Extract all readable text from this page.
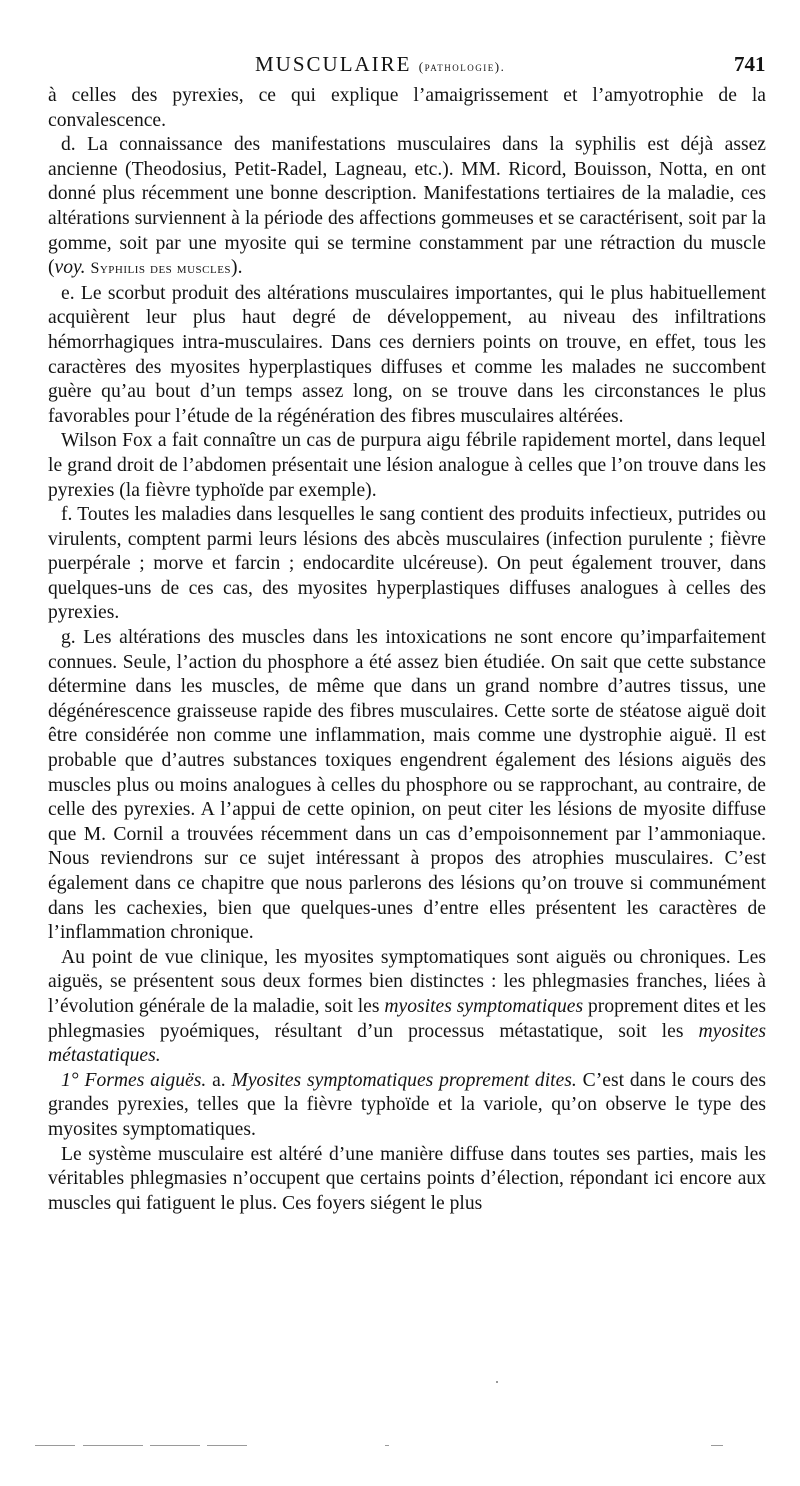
MUSCULAIRE (pathologie).	741

à celles des pyrexies, ce qui explique l’amaigrissement et l’amyotrophie de la convalescence.

d. La connaissance des manifestations musculaires dans la syphilis est déjà assez ancienne (Theodosius, Petit-Radel, Lagneau, etc.). MM. Ricord, Bouisson, Notta, en ont donné plus récemment une bonne description. Manifestations tertiaires de la maladie, ces altérations surviennent à la période des affections gommeuses et se caractérisent, soit par la gomme, soit par une myosite qui se termine constamment par une rétraction du muscle (voy. Syphilis des muscles).

e. Le scorbut produit des altérations musculaires importantes, qui le plus habituellement acquièrent leur plus haut degré de développement, au niveau des infiltrations hémorrhagiques intra-musculaires. Dans ces derniers points on trouve, en effet, tous les caractères des myosites hyperplastiques diffuses et comme les malades ne succombent guère qu’au bout d’un temps assez long, on se trouve dans les circonstances le plus favorables pour l’étude de la régénération des fibres musculaires altérées.

Wilson Fox a fait connaître un cas de purpura aigu fébrile rapidement mortel, dans lequel le grand droit de l’abdomen présentait une lésion analogue à celles que l’on trouve dans les pyrexies (la fièvre typhoïde par exemple).

f. Toutes les maladies dans lesquelles le sang contient des produits infectieux, putrides ou virulents, comptent parmi leurs lésions des abcès musculaires (infection purulente ; fièvre puerpérale ; morve et farcin ; endocardite ulcéreuse). On peut également trouver, dans quelques-uns de ces cas, des myosites hyperplastiques diffuses analogues à celles des pyrexies.

g. Les altérations des muscles dans les intoxications ne sont encore qu’imparfaitement connues. Seule, l’action du phosphore a été assez bien étudiée. On sait que cette substance détermine dans les muscles, de même que dans un grand nombre d’autres tissus, une dégénérescence graisseuse rapide des fibres musculaires. Cette sorte de stéatose aiguë doit être considérée non comme une inflammation, mais comme une dystrophie aiguë. Il est probable que d’autres substances toxiques engendrent également des lésions aiguës des muscles plus ou moins analogues à celles du phosphore ou se rapprochant, au contraire, de celle des pyrexies. A l’appui de cette opinion, on peut citer les lésions de myosite diffuse que M. Cornil a trouvées récemment dans un cas d’empoisonnement par l’ammoniaque. Nous reviendrons sur ce sujet intéressant à propos des atrophies musculaires. C’est également dans ce chapitre que nous parlerons des lésions qu’on trouve si communément dans les cachexies, bien que quelques-unes d’entre elles présentent les caractères de l’inflammation chronique.

Au point de vue clinique, les myosites symptomatiques sont aiguës ou chroniques. Les aiguës, se présentent sous deux formes bien distinctes : les phlegmasies franches, liées à l’évolution générale de la maladie, soit les myosites symptomatiques proprement dites et les phlegmasies pyoémiques, résultant d’un processus métastatique, soit les myosites métastatiques.

1° Formes aiguës. a. Myosites symptomatiques proprement dites. C’est dans le cours des grandes pyrexies, telles que la fièvre typhoïde et la variole, qu’on observe le type des myosites symptomatiques.

Le système musculaire est altéré d’une manière diffuse dans toutes ses parties, mais les véritables phlegmasies n’occupent que certains points d’élection, répondant ici encore aux muscles qui fatiguent le plus. Ces foyers siégent le plus
